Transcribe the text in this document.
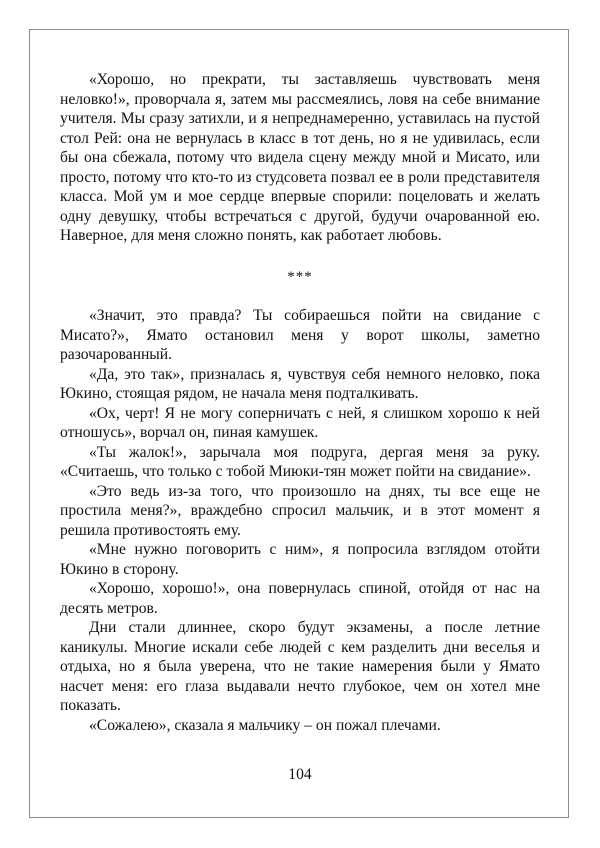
«Хорошо, но прекрати, ты заставляешь чувствовать меня неловко!», проворчала я, затем мы рассмеялись, ловя на себе внимание учителя. Мы сразу затихли, и я непреднамеренно, уставилась на пустой стол Рей: она не вернулась в класс в тот день, но я не удивилась, если бы она сбежала, потому что видела сцену между мной и Мисато, или просто, потому что кто-то из студсовета позвал ее в роли представителя класса. Мой ум и мое сердце впервые спорили: поцеловать и желать одну девушку, чтобы встречаться с другой, будучи очарованной ею. Наверное, для меня сложно понять, как работает любовь.

***

«Значит, это правда? Ты собираешься пойти на свидание с Мисато?», Ямато остановил меня у ворот школы, заметно разочарованный.

«Да, это так», призналась я, чувствуя себя немного неловко, пока Юкино, стоящая рядом, не начала меня подталкивать.

«Ох, черт! Я не могу соперничать с ней, я слишком хорошо к ней отношусь», ворчал он, пиная камушек.

«Ты жалок!», зарычала моя подруга, дергая меня за руку. «Считаешь, что только с тобой Миюки-тян может пойти на свидание».

«Это ведь из-за того, что произошло на днях, ты все еще не простила меня?», враждебно спросил мальчик, и в этот момент я решила противостоять ему.

«Мне нужно поговорить с ним», я попросила взглядом отойти Юкино в сторону.

«Хорошо, хорошо!», она повернулась спиной, отойдя от нас на десять метров.

Дни стали длиннее, скоро будут экзамены, а после летние каникулы. Многие искали себе людей с кем разделить дни веселья и отдыха, но я была уверена, что не такие намерения были у Ямато насчет меня: его глаза выдавали нечто глубокое, чем он хотел мне показать.

«Сожалею», сказала я мальчику – он пожал плечами.

104
